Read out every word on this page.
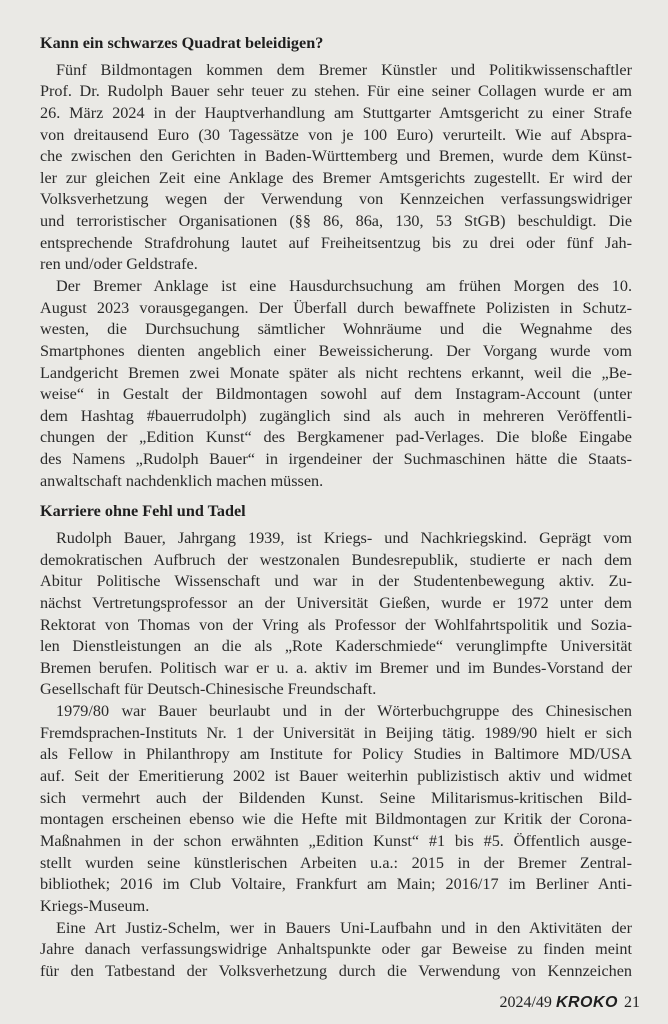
Kann ein schwarzes Quadrat beleidigen?
Fünf Bildmontagen kommen dem Bremer Künstler und Politikwissenschaftler
Prof. Dr. Rudolph Bauer sehr teuer zu stehen. Für eine seiner Collagen wurde er am
26. März 2024 in der Hauptverhandlung am Stuttgarter Amtsgericht zu einer Strafe
von dreitausend Euro (30 Tagessätze von je 100 Euro) verurteilt. Wie auf Absprа-
che zwischen den Gerichten in Baden-Württemberg und Bremen, wurde dem Künst-
ler zur gleichen Zeit eine Anklage des Bremer Amtsgerichts zugestellt. Er wird der
Volksverhetzung wegen der Verwendung von Kennzeichen verfassungswidriger
und terroristischer Organisationen (§§ 86, 86a, 130, 53 StGB) beschuldigt. Die
entsprechende Strafdrohung lautet auf Freiheitsentzug bis zu drei oder fünf Jah-
ren und/oder Geldstrafe.
Der Bremer Anklage ist eine Hausdurchsuchung am frühen Morgen des 10.
August 2023 vorausgegangen. Der Überfall durch bewaffnete Polizisten in Schutz-
westen, die Durchsuchung sämtlicher Wohnräume und die Wegnahme des
Smartphones dienten angeblich einer Beweissicherung. Der Vorgang wurde vom
Landgericht Bremen zwei Monate später als nicht rechtens erkannt, weil die „Be-
weise“ in Gestalt der Bildmontagen sowohl auf dem Instagram-Account (unter
dem Hashtag #bauerrudolph) zugänglich sind als auch in mehreren Veröffentli-
chungen der „Edition Kunst“ des Bergkamener pad-Verlages. Die bloße Eingabe
des Namens „Rudolph Bauer“ in irgendeiner der Suchmaschinen hätte die Staats-
anwaltschaft nachdenklich machen müssen.
Karriere ohne Fehl und Tadel
Rudolph Bauer, Jahrgang 1939, ist Kriegs- und Nachkriegskind. Geprägt vom
demokratischen Aufbruch der westzonalen Bundesrepublik, studierte er nach dem
Abitur Politische Wissenschaft und war in der Studentenbewegung aktiv. Zu-
nächst Vertretungsprofessor an der Universität Gießen, wurde er 1972 unter dem
Rektorat von Thomas von der Vring als Professor der Wohlfahrtspolitik und Sozia-
len Dienstleistungen an die als „Rote Kaderschmiede“ verunglimpfte Universität
Bremen berufen. Politisch war er u. a. aktiv im Bremer und im Bundes-Vorstand der
Gesellschaft für Deutsch-Chinesische Freundschaft.
1979/80 war Bauer beurlaubt und in der Wörterbuchgruppe des Chinesischen
Fremdsprachen-Instituts Nr. 1 der Universität in Beijing tätig. 1989/90 hielt er sich
als Fellow in Philanthropy am Institute for Policy Studies in Baltimore MD/USA
auf. Seit der Emeritierung 2002 ist Bauer weiterhin publizistisch aktiv und widmet
sich vermehrt auch der Bildenden Kunst. Seine Militarismus-kritischen Bild-
montagen erscheinen ebenso wie die Hefte mit Bildmontagen zur Kritik der Corona-
Maßnahmen in der schon erwähnten „Edition Kunst“ #1 bis #5. Öffentlich ausge-
stellt wurden seine künstlerischen Arbeiten u.a.: 2015 in der Bremer Zentral-
bibliothek; 2016 im Club Voltaire, Frankfurt am Main; 2016/17 im Berliner Anti-
Kriegs-Museum.
Eine Art Justiz-Schelm, wer in Bauers Uni-Laufbahn und in den Aktivitäten der
Jahre danach verfassungswidrige Anhaltspunkte oder gar Beweise zu finden meint
für den Tatbestand der Volksverhetzung durch die Verwendung von Kennzeichen
2024/49 KROKO 21
